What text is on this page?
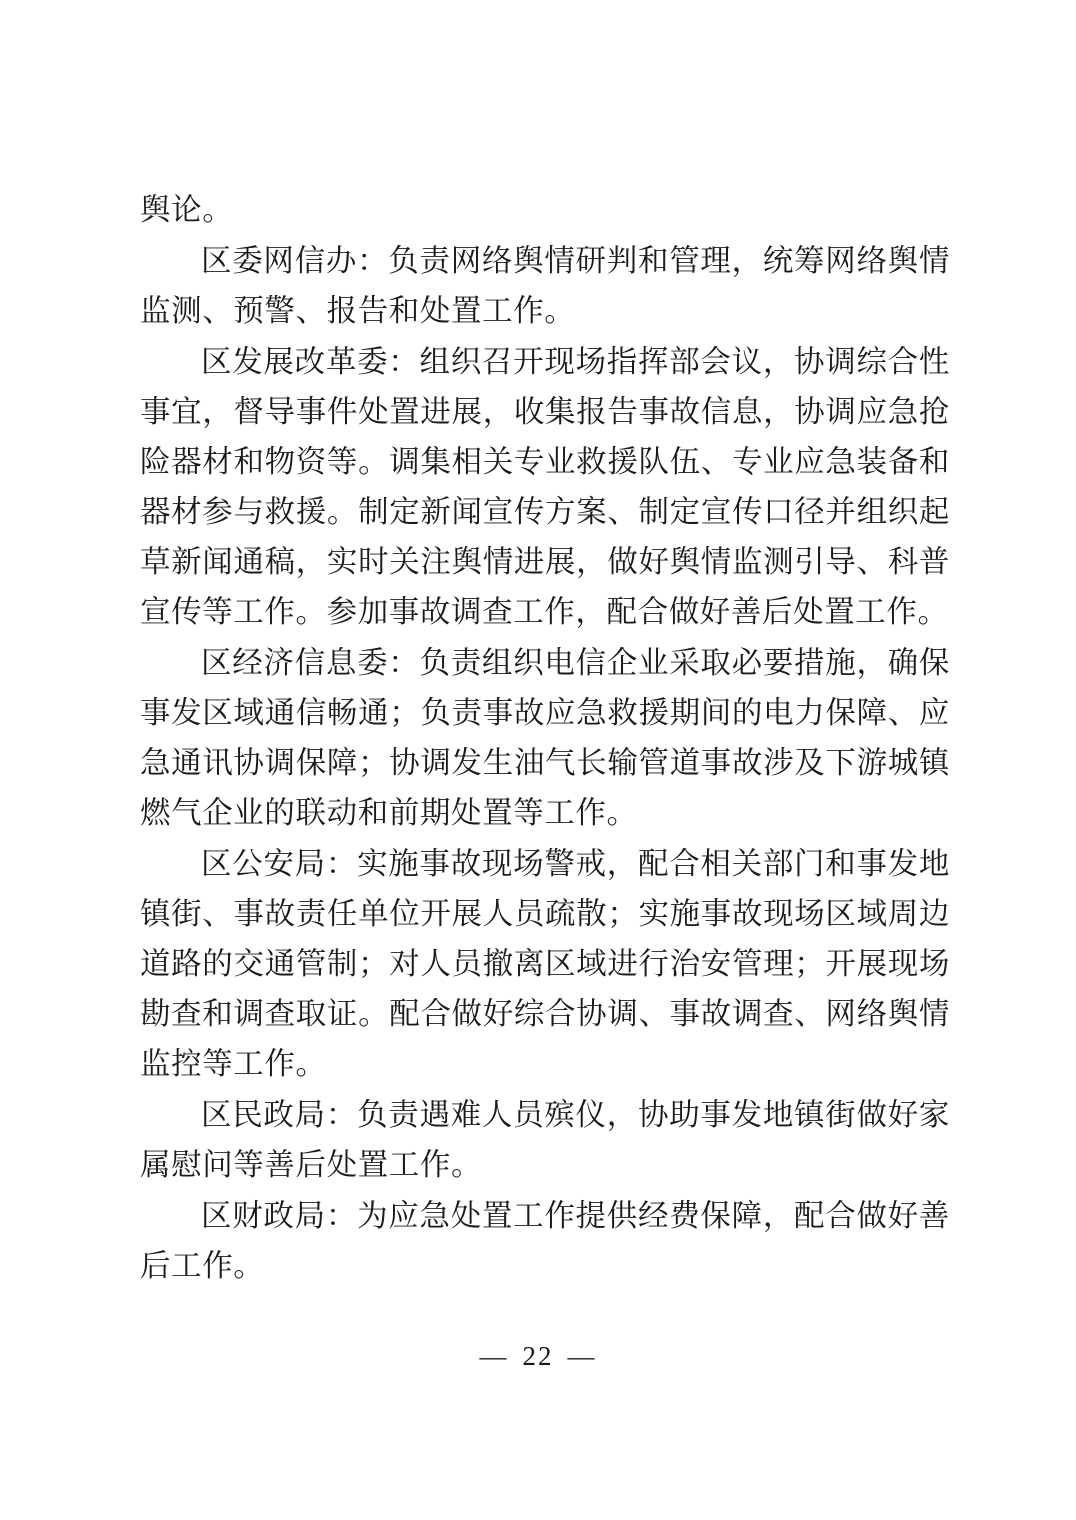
舆论。

区委网信办：负责网络舆情研判和管理，统筹网络舆情监测、预警、报告和处置工作。

区发展改革委：组织召开现场指挥部会议，协调综合性事宜，督导事件处置进展，收集报告事故信息，协调应急抢险器材和物资等。调集相关专业救援队伍、专业应急装备和器材参与救援。制定新闻宣传方案、制定宣传口径并组织起草新闻通稿，实时关注舆情进展，做好舆情监测引导、科普宣传等工作。参加事故调查工作，配合做好善后处置工作。

区经济信息委：负责组织电信企业采取必要措施，确保事发区域通信畅通；负责事故应急救援期间的电力保障、应急通讯协调保障；协调发生油气长输管道事故涉及下游城镇燃气企业的联动和前期处置等工作。

区公安局：实施事故现场警戒，配合相关部门和事发地镇街、事故责任单位开展人员疏散；实施事故现场区域周边道路的交通管制；对人员撤离区域进行治安管理；开展现场勘查和调查取证。配合做好综合协调、事故调查、网络舆情监控等工作。

区民政局：负责遇难人员殡仪，协助事发地镇街做好家属慰问等善后处置工作。

区财政局：为应急处置工作提供经费保障，配合做好善后工作。

— 22 —
